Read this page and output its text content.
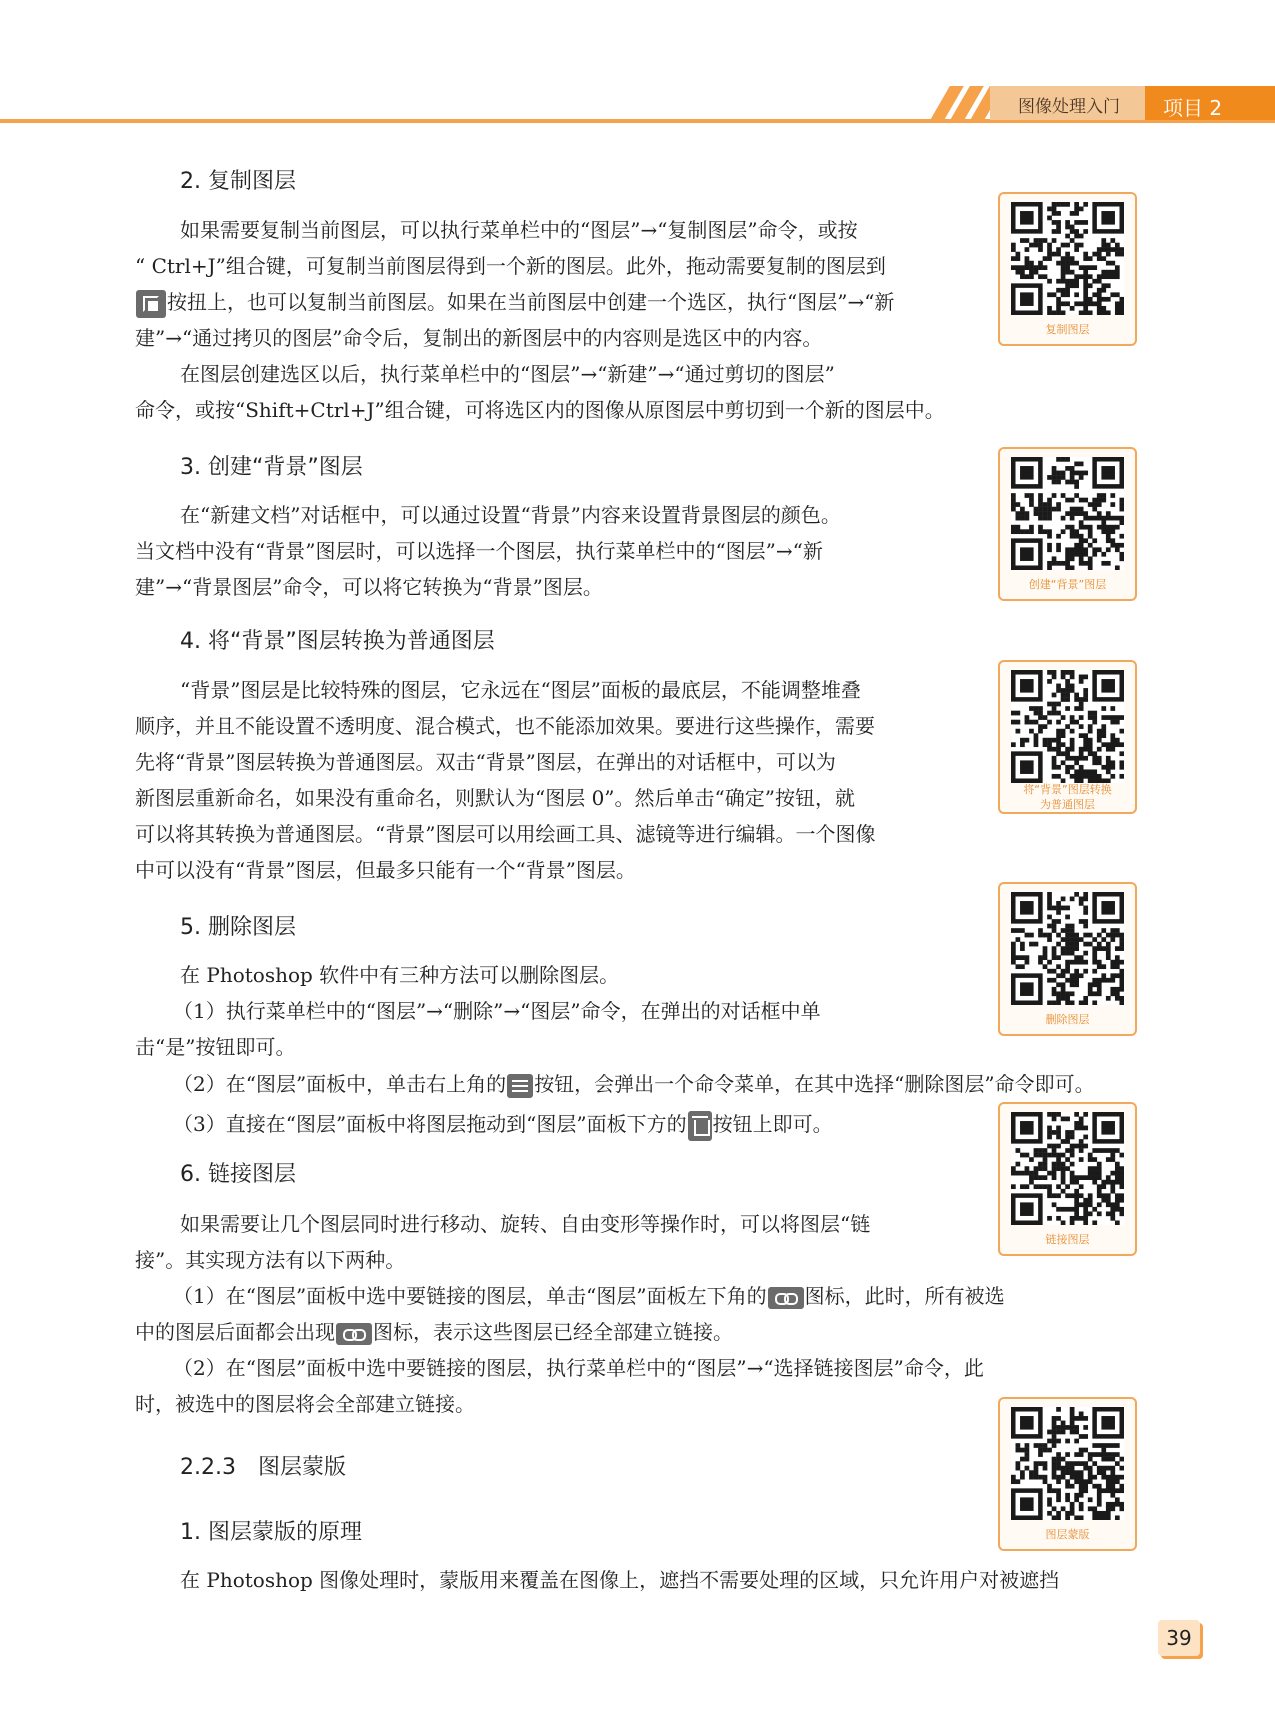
图像处理入门 项目 2
2. 复制图层
如果需要复制当前图层，可以执行菜单栏中的“图层”→“复制图层”命令，或按
“ Ctrl+J”组合键，可复制当前图层得到一个新的图层。此外，拖动需要复制的图层到
按扭上，也可以复制当前图层。如果在当前图层中创建一个选区，执行“图层”→“新
建”→“通过拷贝的图层”命令后，复制出的新图层中的内容则是选区中的内容。
在图层创建选区以后，执行菜单栏中的“图层”→“新建”→“通过剪切的图层”
命令，或按“Shift+Ctrl+J”组合键，可将选区内的图像从原图层中剪切到一个新的图层中。
3. 创建“背景”图层
在“新建文档”对话框中，可以通过设置“背景”内容来设置背景图层的颜色。
当文档中没有“背景”图层时，可以选择一个图层，执行菜单栏中的“图层”→“新
建”→“背景图层”命令，可以将它转换为“背景”图层。
4. 将“背景”图层转换为普通图层
“背景”图层是比较特殊的图层，它永远在“图层”面板的最底层，不能调整堆叠
顺序，并且不能设置不透明度、混合模式，也不能添加效果。要进行这些操作，需要
先将“背景”图层转换为普通图层。双击“背景”图层，在弹出的对话框中，可以为
新图层重新命名，如果没有重命名，则默认为“图层 0”。然后单击“确定”按钮，就
可以将其转换为普通图层。“背景”图层可以用绘画工具、滤镜等进行编辑。一个图像
中可以没有“背景”图层，但最多只能有一个“背景”图层。
5. 删除图层
在 Photoshop 软件中有三种方法可以删除图层。
（1）执行菜单栏中的“图层”→“删除”→“图层”命令，在弹出的对话框中单
击“是”按钮即可。
（2）在“图层”面板中，单击右上角的 按钮，会弹出一个命令菜单，在其中选择“删除图层”命令即可。
（3）直接在“图层”面板中将图层拖动到“图层”面板下方的 按钮上即可。
6. 链接图层
如果需要让几个图层同时进行移动、旋转、自由变形等操作时，可以将图层“链
接”。其实现方法有以下两种。
（1）在“图层”面板中选中要链接的图层，单击“图层”面板左下角的 图标，此时，所有被选
中的图层后面都会出现 图标，表示这些图层已经全部建立链接。
（2）在“图层”面板中选中要链接的图层，执行菜单栏中的“图层”→“选择链接图层”命令，此
时，被选中的图层将会全部建立链接。
2.2.3　图层蒙版
1. 图层蒙版的原理
在 Photoshop 图像处理时，蒙版用来覆盖在图像上，遮挡不需要处理的区域，只允许用户对被遮挡
复制图层
创建“背景”图层
将“背景”图层转换
为普通图层
删除图层
链接图层
图层蒙版
39
